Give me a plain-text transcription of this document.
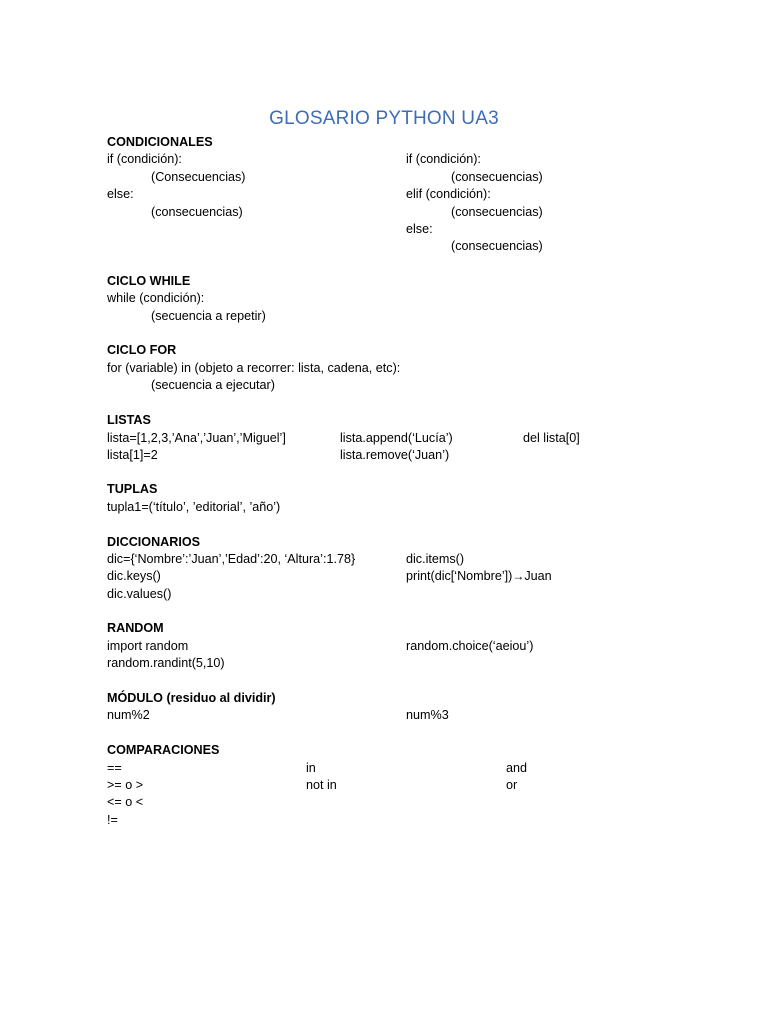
GLOSARIO PYTHON UA3
CONDICIONALES
if (condición):
(Consecuencias)
else:
(consecuencias)
if (condición):
(consecuencias)
elif (condición):
(consecuencias)
else:
(consecuencias)
CICLO WHILE
while (condición):
(secuencia a repetir)
CICLO FOR
for (variable) in (objeto a recorrer: lista, cadena, etc):
(secuencia a ejecutar)
LISTAS
lista=[1,2,3,’Ana’,’Juan’,’Miguel’]
lista[1]=2
lista.append(‘Lucía’)
lista.remove(‘Juan’)
del lista[0]
TUPLAS
tupla1=(‘título’, ’editorial’, ’año’)
DICCIONARIOS
dic={‘Nombre’:’Juan’,’Edad’:20, ‘Altura’:1.78}
dic.keys()
dic.values()
dic.items()
print(dic[‘Nombre’])→Juan
RANDOM
import random
random.randint(5,10)
random.choice(‘aeiou’)
MÓDULO (residuo al dividir)
num%2	num%3
COMPARACIONES
==
>= o >
<= o <
!=
in
not in
and
or
